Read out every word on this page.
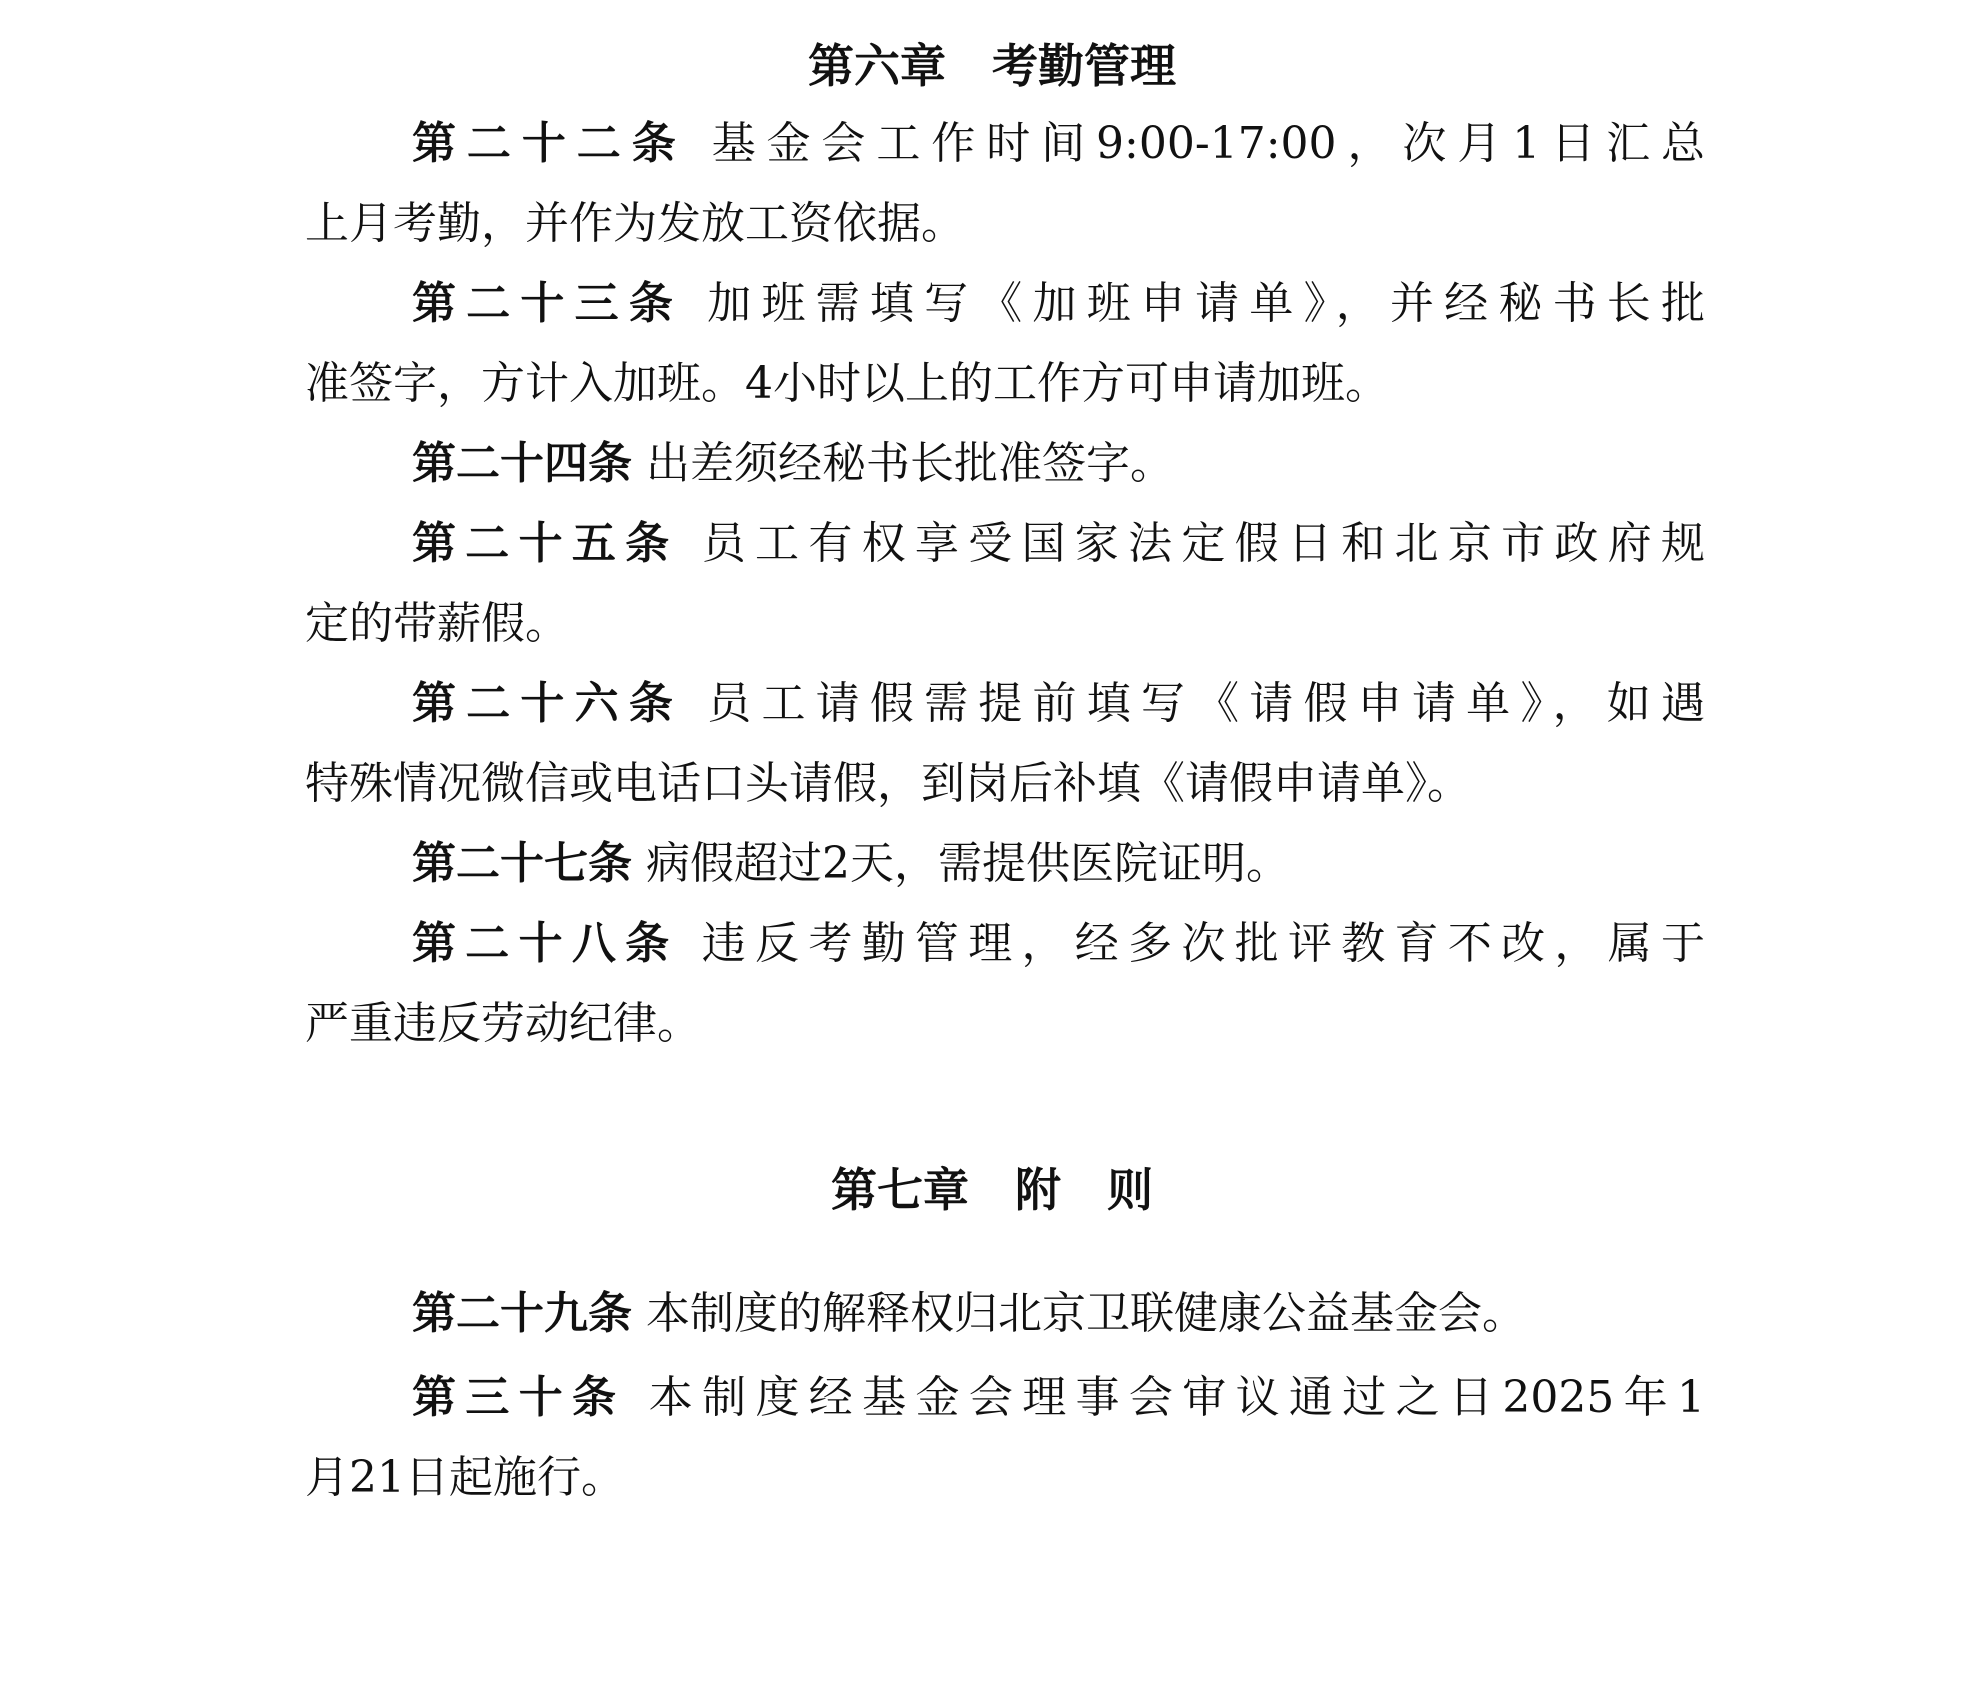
第六章　考勤管理
第二十二条 基金会工作时间9:00-17:00，次月1日汇总
上月考勤，并作为发放工资依据。
第二十三条 加班需填写《加班申请单》，并经秘书长批
准签字，方计入加班。4小时以上的工作方可申请加班。
第二十四条 出差须经秘书长批准签字。
第二十五条 员工有权享受国家法定假日和北京市政府规
定的带薪假。
第二十六条 员工请假需提前填写《请假申请单》，如遇
特殊情况微信或电话口头请假，到岗后补填《请假申请单》。
第二十七条 病假超过2天，需提供医院证明。
第二十八条 违反考勤管理，经多次批评教育不改，属于
严重违反劳动纪律。
第七章　附　则
第二十九条 本制度的解释权归北京卫联健康公益基金会。
第三十条 本制度经基金会理事会审议通过之日2025年1
月21日起施行。
